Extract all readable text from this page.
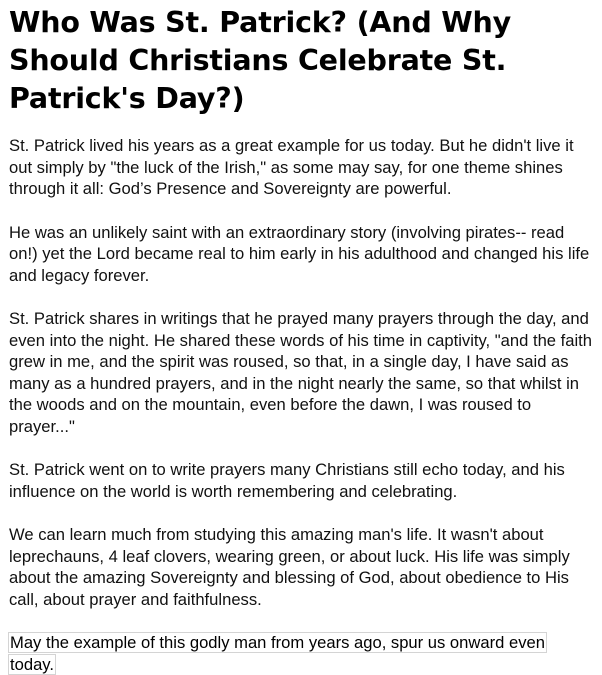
Who Was St. Patrick? (And Why Should Christians Celebrate St. Patrick's Day?)

St. Patrick lived his years as a great example for us today. But he didn't live it out simply by "the luck of the Irish," as some may say, for one theme shines through it all: God’s Presence and Sovereignty are powerful.

He was an unlikely saint with an extraordinary story (involving pirates-- read on!) yet the Lord became real to him early in his adulthood and changed his life and legacy forever.

St. Patrick shares in writings that he prayed many prayers through the day, and even into the night. He shared these words of his time in captivity, "and the faith grew in me, and the spirit was roused, so that, in a single day, I have said as many as a hundred prayers, and in the night nearly the same, so that whilst in the woods and on the mountain, even before the dawn, I was roused to prayer..."

St. Patrick went on to write prayers many Christians still echo today, and his influence on the world is worth remembering and celebrating.

We can learn much from studying this amazing man's life. It wasn't about leprechauns, 4 leaf clovers, wearing green, or about luck. His life was simply about the amazing Sovereignty and blessing of God, about obedience to His call, about prayer and faithfulness.

May the example of this godly man from years ago, spur us onward even today.
